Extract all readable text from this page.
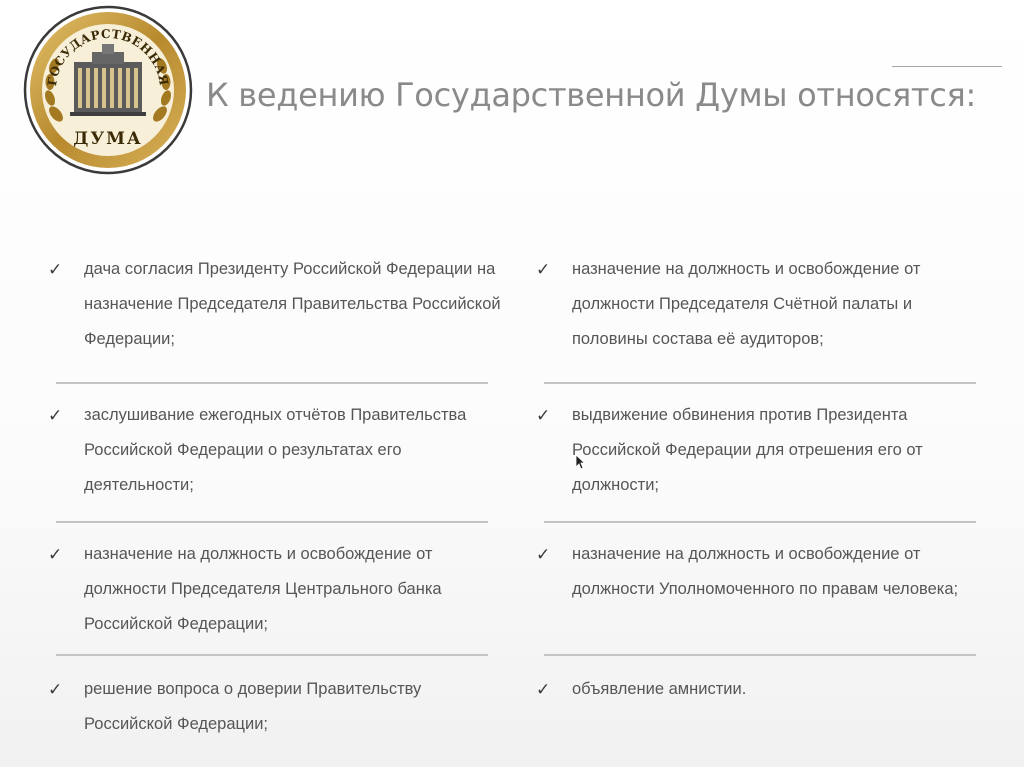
ГОСУДАРСТВЕННАЯ
ДУМА
К ведению Государственной Думы относятся:
✓ дача согласия Президенту Российской Федерации на назначение Председателя Правительства Российской Федерации;
✓ заслушивание ежегодных отчётов Правительства Российской Федерации о результатах его деятельности;
✓ назначение на должность и освобождение от должности Председателя Центрального банка Российской Федерации;
✓ решение вопроса о доверии Правительству Российской Федерации;
✓ назначение на должность и освобождение от должности Председателя Счётной палаты и половины состава её аудиторов;
✓ выдвижение обвинения против Президента Российской Федерации для отрешения его от должности;
✓ назначение на должность и освобождение от должности Уполномоченного по правам человека;
✓ объявление амнистии.
